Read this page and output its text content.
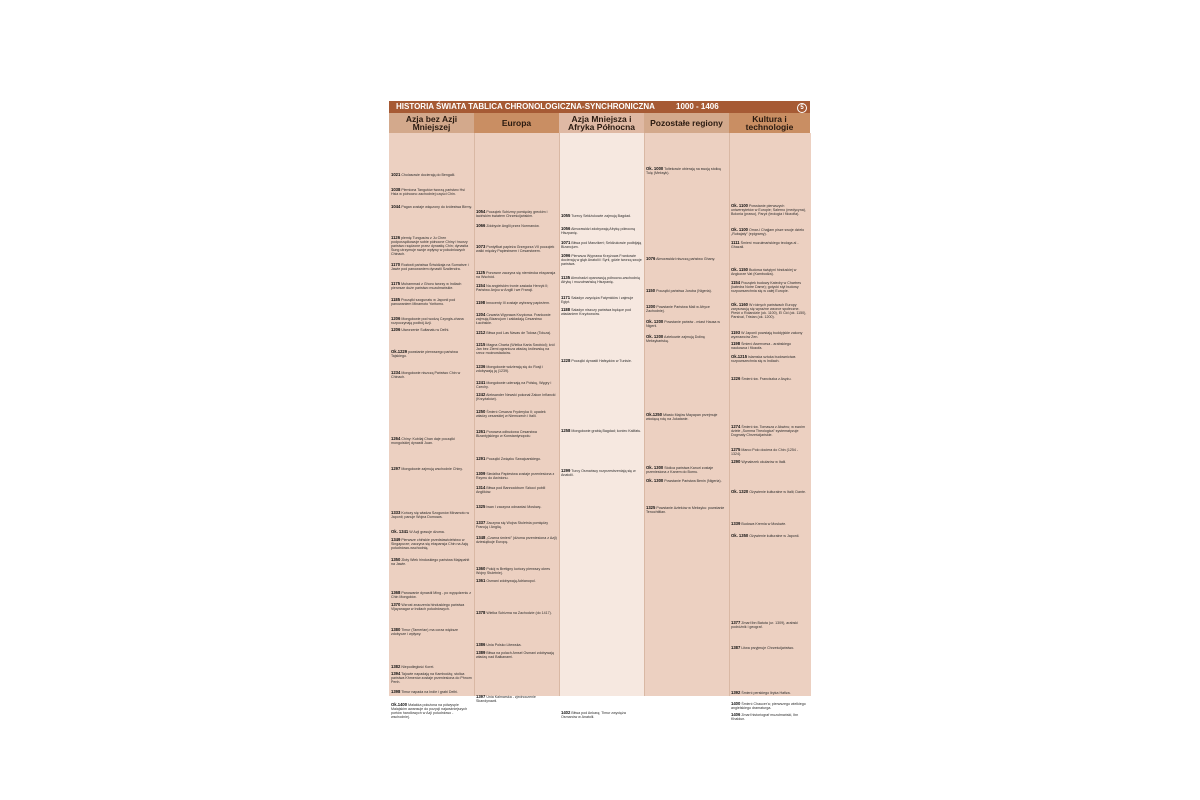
HISTORIA ŚWIATA TABLICA CHRONOLOGICZNA-SYNCHRONICZNA	1000 - 1406	5
Azja bez Azji Mniejszej
1021 Cholasowie docierają do Bengalii.
1038 Plemiona Tangutów tworzą państwo Hsi Hsia w północno zachodniej części Chin.
1044 Pagan zostaje włączony do królestwa Birmy.
1126 plemię Tungusów z Ju Chen podporządkowuje sobie północne Chiny i tworzy państwo rządzone przez dynastię Chin; dynastia Sung utrzymuje swoje wpływy w południowych Chinach.
1170 Rozkwit państwa Śriwidżaja na Sumatrze i Jawie pod panowaniem dynastii Szailendra.
1175 Muhammad z Ghoru tworzy w Indiach pierwsze duże państwo muzułmańskie.
1185 Początki szogunatu w Japonii pod panowaniem Minamoto Yoritomo.
1206 Mongołowie pod wodzą Czyngis-chana rozpoczynają podbój Azji.
1206 Utworzenie Sułtanatu w Delhi.
Ok.1229 powstanie pierwszego państwa Tajskiego.
1234 Mongołowie niszczą Państwo Chin w Chinach.
1264 Chiny: Kubilaj Chan daje początki mongolskiej dynastii Juan.
1297 Mongołowie zajmują wschodnie Chiny.
1333 Kończy się władza Szogunów Minamoto w Japonii; panuje Wojna Domowa.
Ok. 1341 W Azji grasuje dżuma.
1349 Pierwsze chińskie przedstawicielstwo w Singapurze; zaczyna się ekspansja Chin na Azję południowo-wschodnią.
1350 Złoty Wiek hinduskiego państwa Majapahit na Jawie.
1368 Panowanie dynastii Ming - po wypędzeniu z Chin Mongołów.
1370 Wzrost znaczenia hinduskiego państwa Vijayanagar w Indiach południowych.
1380 Timur (Tamerlan) ma coraz większe zdobycze i wpływy.
1382 Niepodległość Korei.
1394 Tajowie napadają na Kambodżę; stolica państwa Khmerów zostaje przeniesiona do Phnom Penh.
1398 Timur napada na Indie i grabi Delhi.
Ok.1400 Malakka położona na półwyspie Malajskim awansuje do pozycji najważniejszych portów handlowych w Azji południowo - wschodniej.
Europa
1054 Początek Schizmy pomiędzy greckim i łacińskim światem Chrześcijańskim.
1066 Zdobycie Anglii przez Normanów.
1073 Pontyfikat papieża Grzegorza VII początek walki między Papiestwem i Cesarstwem.
1125 Ponowne zaczyna się niemiecka ekspansja na Wschód.
1154 Na angielskim tronie zasiada Henryk II; Państwo Anjou w Anglii i we Francji.
1198 Innocenty III zostaje wybrany papieżem.
1204 Czwarta Wyprawa Krzyżowa. Frankowie zajmują Bizancjum i zakładają Cesarstwo Łacińskie.
1212 Bitwa pod Las Navas de Tolosa (Toluza).
1215 Magna Charta (Wielka Karta Swobód); król Jan bez Ziemi ogranicza władzę królewską na rzecz możnowładców.
1236 Mongołowie wdzierają się do Rosji i zdobywają ją (1239).
1241 Mongołowie uderzają na Polskę, Węgry i Czechy.
1242 Aleksander Newski pokonał Zakon Inflancki (Krzyżaków).
1250 Śmierć Cesarza Fryderyka II; upadek władzy cesarskiej w Niemczech i Italii.
1261 Ponowna odbudowa Cesarstwa Bizantyjskiego w Konstantynopolu
1291 Początki Związku Szwajcarskiego.
1309 Siedziba Papiestwa zostaje przeniesiona z Rzymu do Awinionu.
1314 Bitwa pod Bannockburn Szkoci pobili Anglików.
1325 Iwan I zaczyna odnawiać Moskwę.
1337 Zaczyna się Wojna Stuletnia pomiędzy Francją i Anglią.
1348 „Czarna śmierć” (dżuma przeniesiona z Azji) dziesiątkuje Europę.
1360 Pokój w Bretigny kończy pierwszy okres Wojny Stuletniej.
1361 Osmani zdobywają Adrianopol.
1378 Wielka Schizma na Zachodzie (do 1417).
1386 Unia Polsko Litewska.
1389 Bitwa na polach Amsel Osmani zdobywają władzę nad Bałkanami.
1397 Unia Kalmarska - zjednoczenie Skandynawii.
Azja Mniejsza i Afryka Północna
1055 Turecy Seldżukowie zajmują Bagdad.
1056 Almorawidzi zdobywają Afrykę północną Hiszpanię.
1071 Bitwa pod Manzikert; Seldżukowie podbijają Bizancjum.
1096 Pierwsza Wyprawa Krzyżowa Frankowie docierają w głąb Anatolii i Syrii, gdzie tworzą swoje państwa.
1135 Almohadzi opanowują północno-wschodnią Afrykę i muzułmańską Hiszpanię.
1171 Saladyn zwycięża Fatymidów i zajmuje Egipt.
1188 Saladyn niszczy państwa będące pod władaniem Krzyżowców.
1228 Początki dynastii Hafsydów w Tunisie.
1258 Mongołowie grabią Bagdad; koniec Kalifatu.
1299 Turcy Osmańscy rozprzestrzeniają się w Anatolii.
1402 Bitwa pod Ankarą; Timur zwycięża Osmanów w Anatolii.
Pozostałe regiony
Ok. 1000 Toltekowie obierają na swoją stolicę Tulę (Meksyk).
1076 Almorawidzi niszczą państwo Ghany.
1150 Początki państwa Joruba (Nigeria).
1200 Powstanie Państwa Mali w Afryce Zachodniej.
Ok. 1200 Powstanie państw - miast Hausa w Nigerii.
Ok. 1200 Aztekowie zajmują Dolinę Meksykańską.
Ok.1250 Miasto Majów Mayapan przejmuje wiodącą rolę na Jukatanie.
Ok. 1300 Stolica państwa Kanuri zostaje przeniesiona z Kanem do Bornu.
Ok. 1300 Powstanie Państwa Benin (Nigeria).
1325 Powstanie Azteków w Meksyku: powstanie Tenochtitlan.
Kultura i technologie
Ok. 1100 Powstanie pierwszych uniwersytetów w Europie; Salerno (medycyna), Bolonia (prawo), Paryż (teologia i filozofia).
Ok. 1100 Omar-i Chajjam pisze swoje dzieło „Rubajaty” (epigramy).
1111 Śmierć muzułmańskiego teologa al - Ghazali.
Ok. 1150 Budowa świątyni hinduskiej w Angkorze Vat (Kambodża).
1154 Początek budowy Katedry w Chartres (katedra Notre Dame); gotycki styl budowy rozpowszechnia się w całej Europie.
Ok. 1160 W różnych państwach Europy zarysowują się wyraźne wzorce społeczne. Pieśń o Rolandzie (ok. 1100), El Cid (ok. 1150), Parsival, Tristan (ok. 1200).
1193 W Japonii powstają buddyjskie zakony wyznawców Zen.
1198 Śmierć Awerroesa - arabskiego naukowca i filozofa.
Ok.1215 Islamska sztuka budownictwa rozpowszechnia się w Indiach.
1226 Śmierć św. Franciszka z Asyżu.
1274 Śmierć św. Tomasza z Akwinu; w swoim dziele „Summa Theologica” systematyzuje Dogmaty Chrześcijańskie.
1275 Marco Polo dociera do Chin (1254 - 1324).
1290 Wynalezek okularów w Italii.
Ok. 1320 Ożywienie kulturalne w Italii; Dante.
1339 Budowa Kremla w Moskwie.
Ok. 1350 Ożywienie kulturalne w Japonii.
1377 Zmarł Ibn Batuta (ur. 1309), arabski podróżnik i geograf.
1387 Litwa przyjmuje Chrześcijaństwo.
1392 Śmierć perskiego liryka Hafiza.
1400 Śmierć Chaucer'a; pierwszego wielkiego angielskiego dramaturga.
1406 Zmarł historiograf muzułmański, Ibn Khaldun.
